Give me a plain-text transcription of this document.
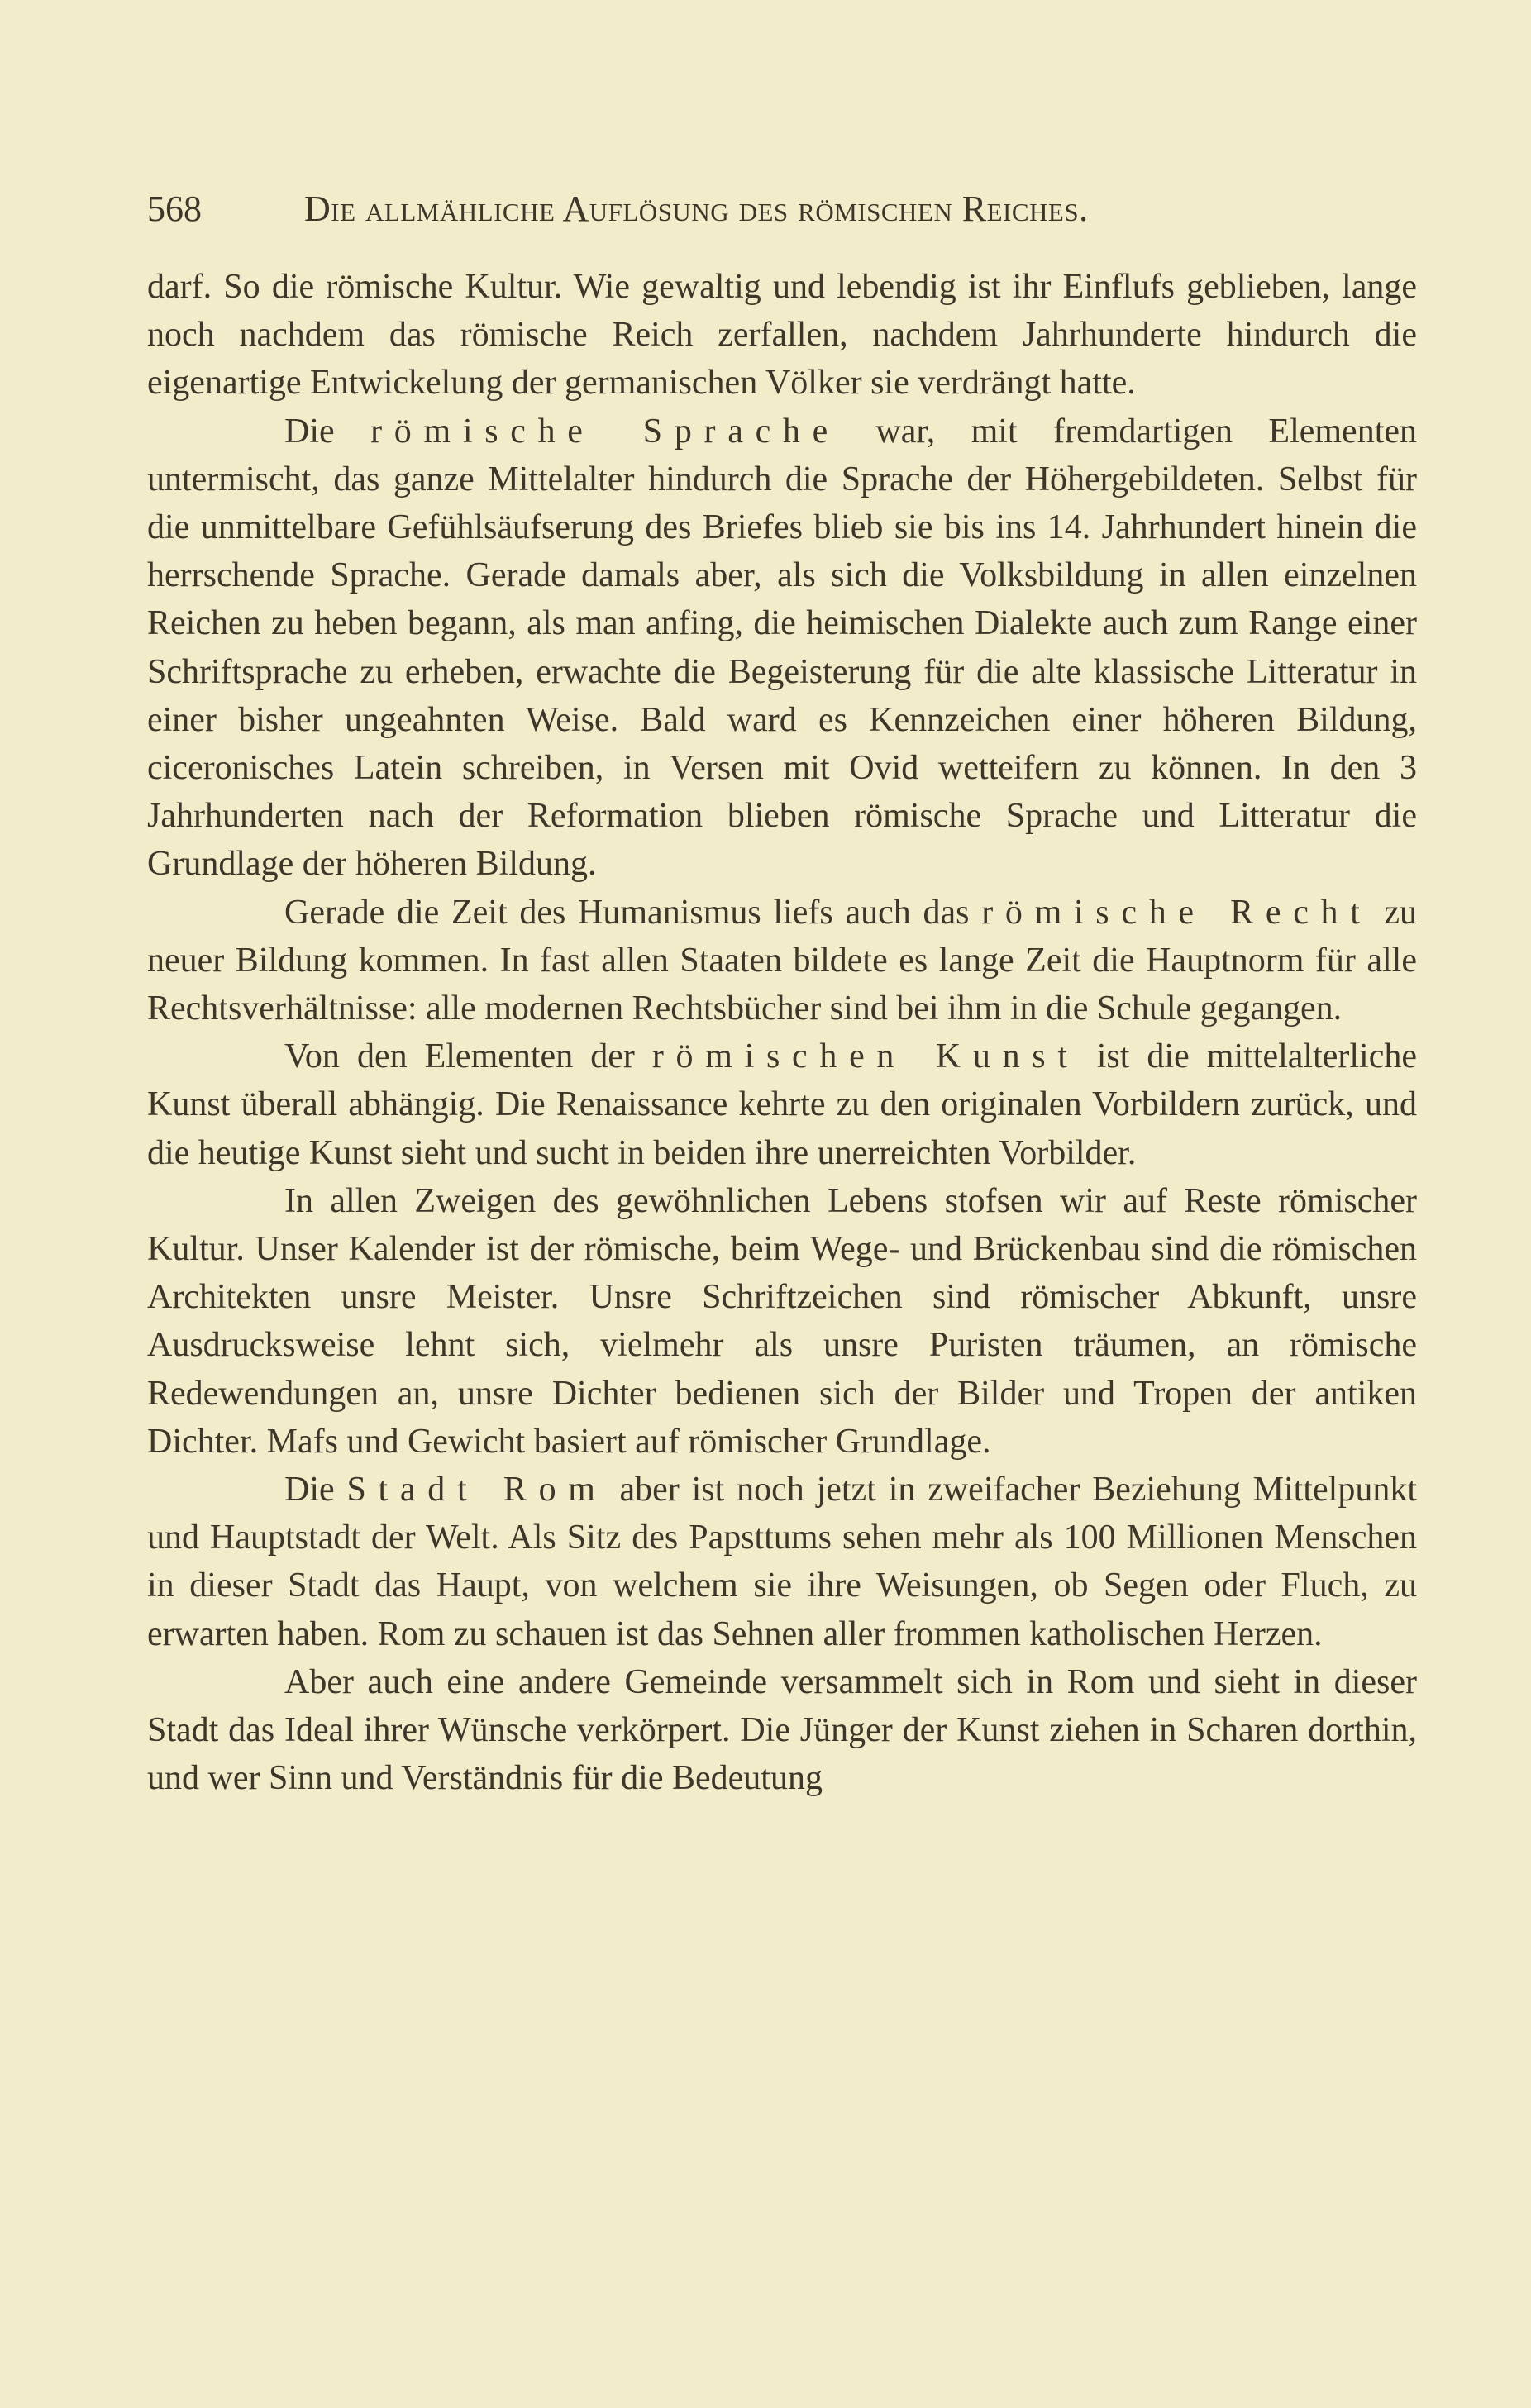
568	Die allmähliche Auflösung des römischen Reiches.

darf. So die römische Kultur. Wie gewaltig und lebendig ist ihr Einflufs geblieben, lange noch nachdem das römische Reich zerfallen, nachdem Jahrhunderte hindurch die eigenartige Entwickelung der germanischen Völker sie verdrängt hatte.

Die römische Sprache war, mit fremdartigen Elementen untermischt, das ganze Mittelalter hindurch die Sprache der Höhergebildeten. Selbst für die unmittelbare Gefühlsäufserung des Briefes blieb sie bis ins 14. Jahrhundert hinein die herrschende Sprache. Gerade damals aber, als sich die Volksbildung in allen einzelnen Reichen zu heben begann, als man anfing, die heimischen Dialekte auch zum Range einer Schriftsprache zu erheben, erwachte die Begeisterung für die alte klassische Litteratur in einer bisher ungeahnten Weise. Bald ward es Kennzeichen einer höheren Bildung, ciceronisches Latein schreiben, in Versen mit Ovid wetteifern zu können. In den 3 Jahrhunderten nach der Reformation blieben römische Sprache und Litteratur die Grundlage der höheren Bildung.

Gerade die Zeit des Humanismus liefs auch das römische Recht zu neuer Bildung kommen. In fast allen Staaten bildete es lange Zeit die Hauptnorm für alle Rechtsverhältnisse: alle modernen Rechtsbücher sind bei ihm in die Schule gegangen.

Von den Elementen der römischen Kunst ist die mittelalterliche Kunst überall abhängig. Die Renaissance kehrte zu den originalen Vorbildern zurück, und die heutige Kunst sieht und sucht in beiden ihre unerreichten Vorbilder.

In allen Zweigen des gewöhnlichen Lebens stofsen wir auf Reste römischer Kultur. Unser Kalender ist der römische, beim Wege- und Brückenbau sind die römischen Architekten unsre Meister. Unsre Schriftzeichen sind römischer Abkunft, unsre Ausdrucksweise lehnt sich, vielmehr als unsre Puristen träumen, an römische Redewendungen an, unsre Dichter bedienen sich der Bilder und Tropen der antiken Dichter. Mafs und Gewicht basiert auf römischer Grundlage.

Die Stadt Rom aber ist noch jetzt in zweifacher Beziehung Mittelpunkt und Hauptstadt der Welt. Als Sitz des Papsttums sehen mehr als 100 Millionen Menschen in dieser Stadt das Haupt, von welchem sie ihre Weisungen, ob Segen oder Fluch, zu erwarten haben. Rom zu schauen ist das Sehnen aller frommen katholischen Herzen.

Aber auch eine andere Gemeinde versammelt sich in Rom und sieht in dieser Stadt das Ideal ihrer Wünsche verkörpert. Die Jünger der Kunst ziehen in Scharen dorthin, und wer Sinn und Verständnis für die Bedeutung
